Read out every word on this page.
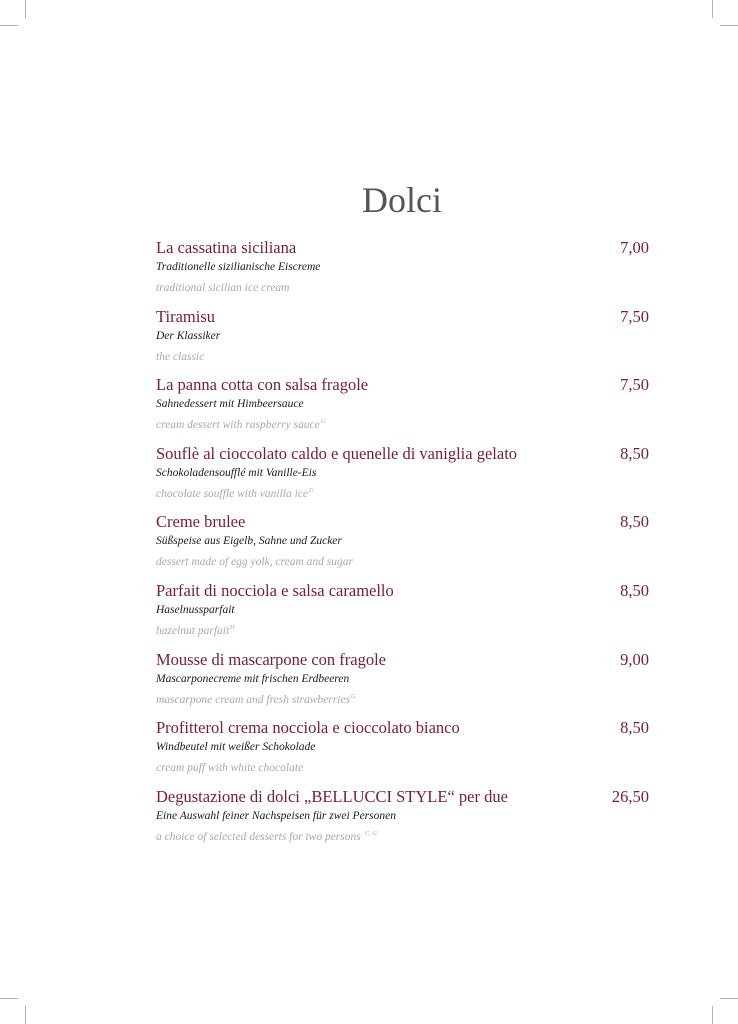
Dolci
La cassatina siciliana	7,00
Traditionelle sizilianische Eiscreme
traditional sicilian ice cream
Tiramisu	7,50
Der Klassiker
the classic
La panna cotta con salsa fragole	7,50
Sahnedessert mit Himbeersauce
cream dessert with raspberry sauce$^G$
Souflè al cioccolato caldo e quenelle di vaniglia gelato	8,50
Schokoladensoufflé mit Vanille-Eis
chocolate souffle with vanilla ice$^G$
Creme brulee	8,50
Süßspeise aus Eigelb, Sahne und Zucker
dessert made of egg yolk, cream and sugar
Parfait di nocciola e salsa caramello	8,50
Haselnussparfait
hazelnut parfait$^H$
Mousse di mascarpone con fragole	9,00
Mascarponecreme mit frischen Erdbeeren
mascarpone cream and fresh strawberries$^G$
Profitterol crema nocciola e cioccolato bianco	8,50
Windbeutel mit weißer Schokolade
cream puff with white chocolate
Degustazione di dolci „BELLUCCI STYLE“ per due	26,50
Eine Auswahl feiner Nachspeisen für zwei Personen
a choice of selected desserts for two persons $^{C, G}$
